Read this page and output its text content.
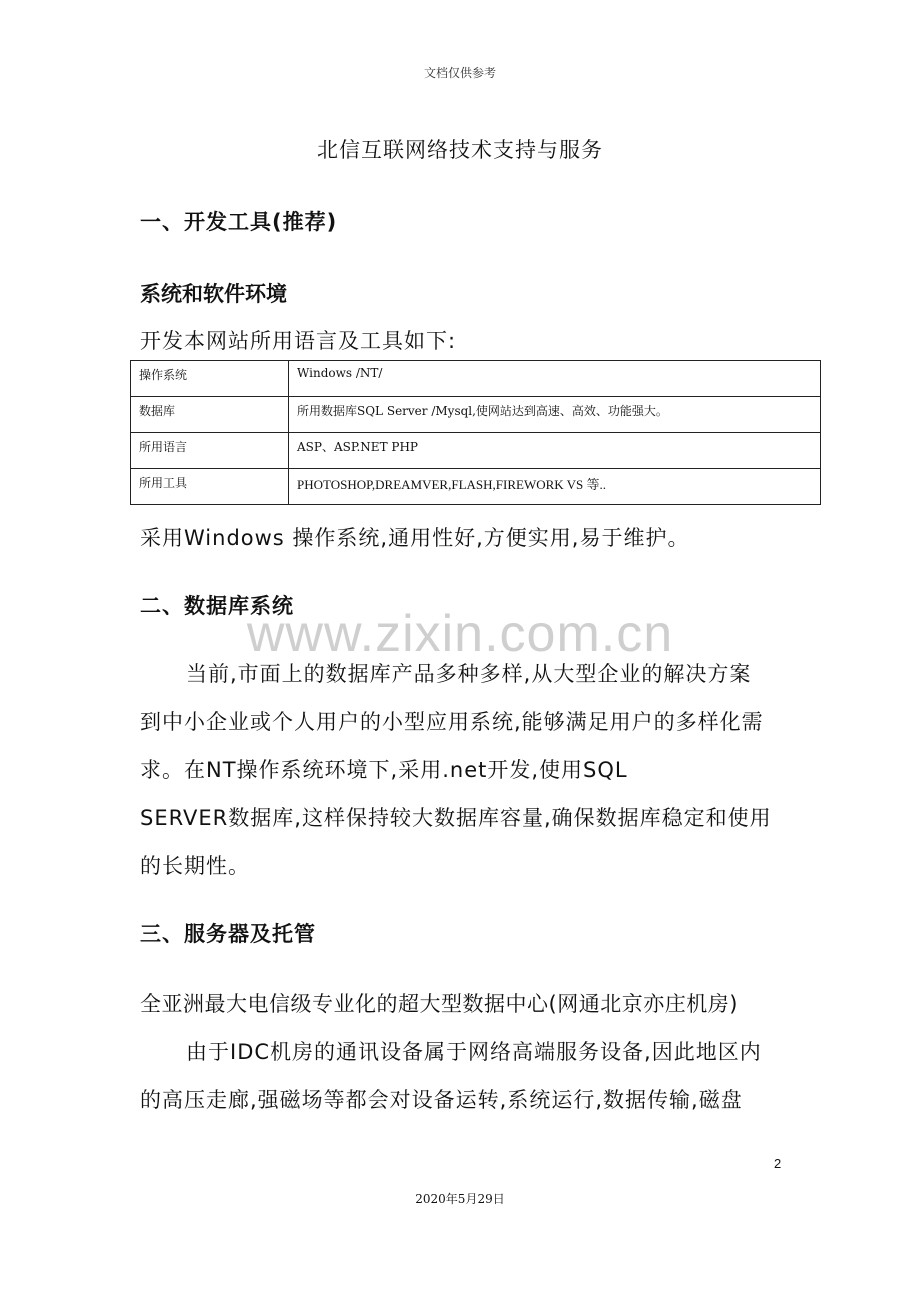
文档仅供参考
北信互联网络技术支持与服务
一、开发工具(推荐)
系统和软件环境
开发本网站所用语言及工具如下:
操作系统	Windows /NT/
数据库	所用数据库SQL Server /Mysql,使网站达到高速、高效、功能强大。
所用语言	ASP、ASP.NET PHP
所用工具	PHOTOSHOP,DREAMVER,FLASH,FIREWORK VS 等..
采用Windows 操作系统,通用性好,方便实用,易于维护。
二、数据库系统
www.zixin.com.cn
当前,市面上的数据库产品多种多样,从大型企业的解决方案
到中小企业或个人用户的小型应用系统,能够满足用户的多样化需
求。在NT操作系统环境下,采用.net开发,使用SQL
SERVER数据库,这样保持较大数据库容量,确保数据库稳定和使用
的长期性。
三、服务器及托管
全亚洲最大电信级专业化的超大型数据中心(网通北京亦庄机房)
由于IDC机房的通讯设备属于网络高端服务设备,因此地区内
的高压走廊,强磁场等都会对设备运转,系统运行,数据传输,磁盘
2
2020年5月29日
